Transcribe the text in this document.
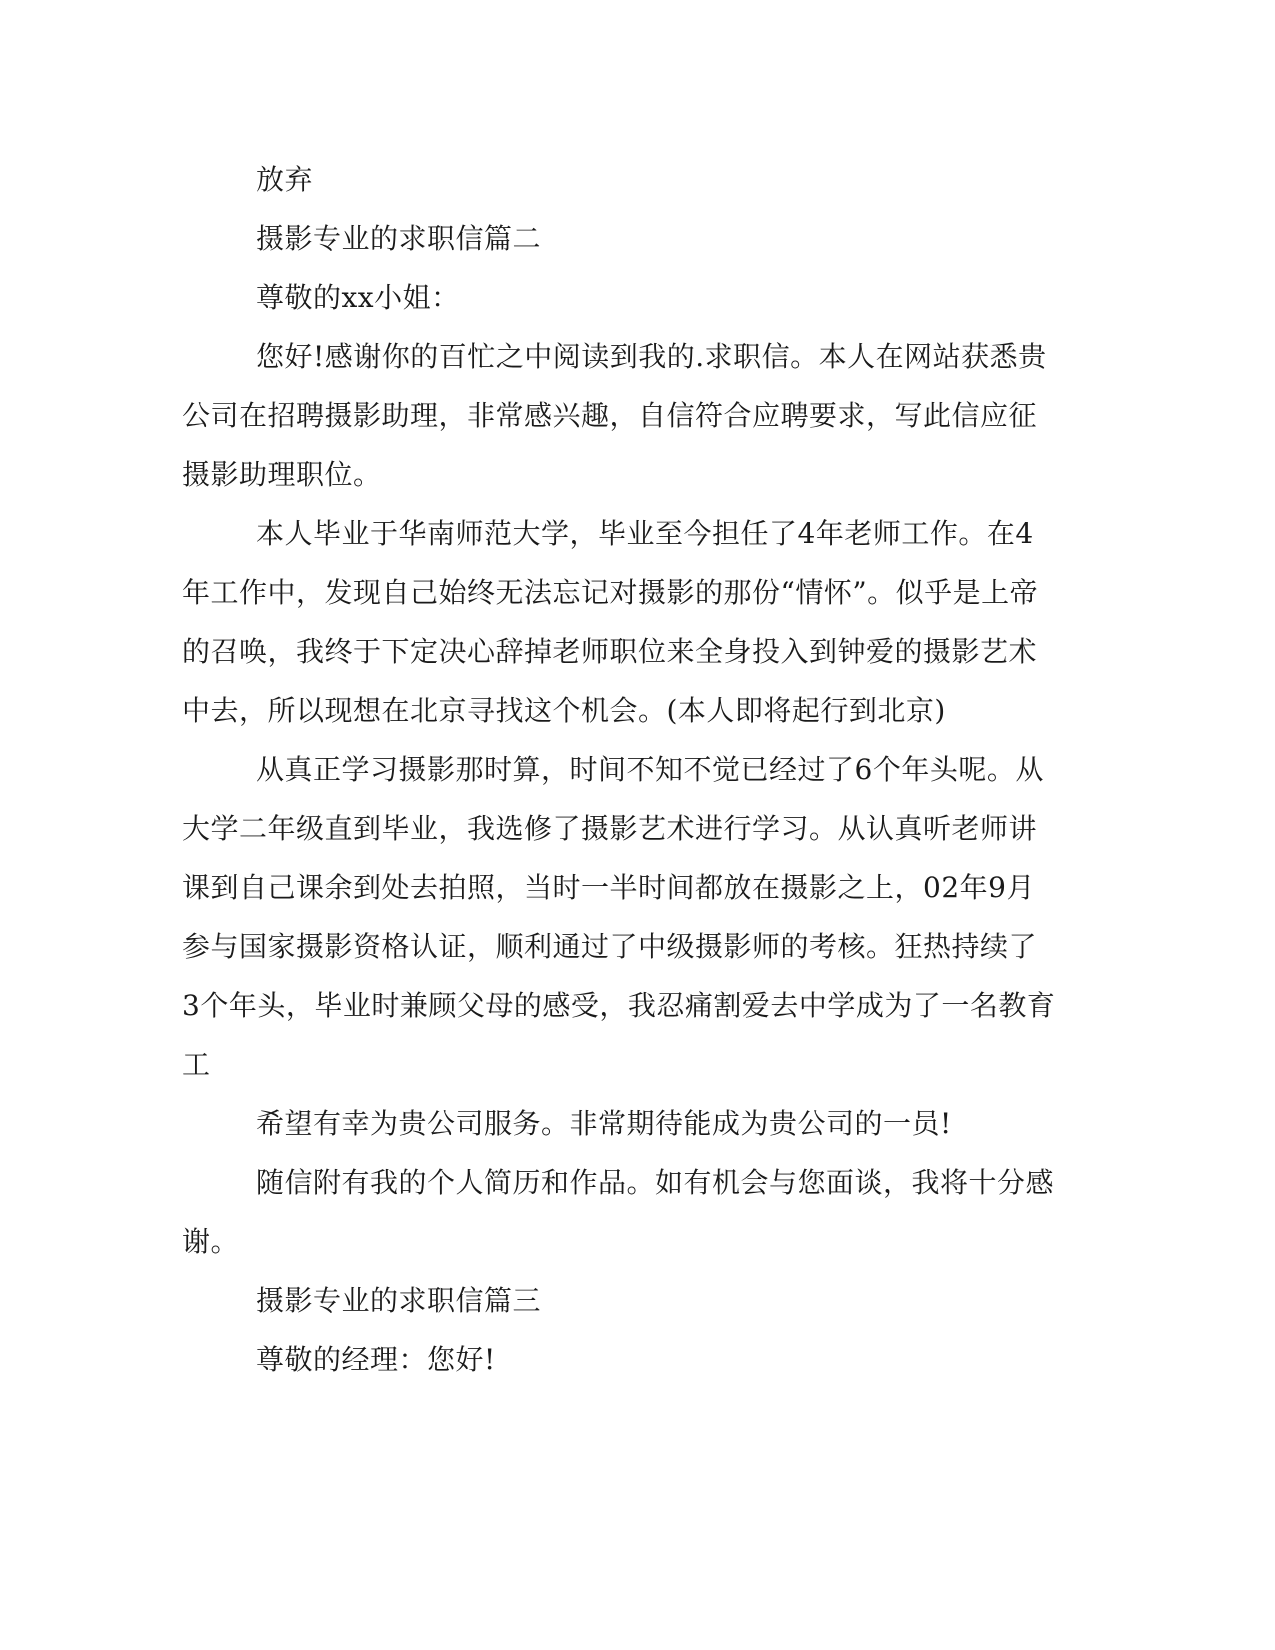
放弃
摄影专业的求职信篇二
尊敬的xx小姐：
您好!感谢你的百忙之中阅读到我的.求职信。本人在网站获悉贵
公司在招聘摄影助理，非常感兴趣，自信符合应聘要求，写此信应征
摄影助理职位。
本人毕业于华南师范大学，毕业至今担任了4年老师工作。在4
年工作中，发现自己始终无法忘记对摄影的那份“情怀”。似乎是上帝
的召唤，我终于下定决心辞掉老师职位来全身投入到钟爱的摄影艺术
中去，所以现想在北京寻找这个机会。(本人即将起行到北京)
从真正学习摄影那时算，时间不知不觉已经过了6个年头呢。从
大学二年级直到毕业，我选修了摄影艺术进行学习。从认真听老师讲
课到自己课余到处去拍照，当时一半时间都放在摄影之上，02年9月
参与国家摄影资格认证，顺利通过了中级摄影师的考核。狂热持续了
3个年头，毕业时兼顾父母的感受，我忍痛割爱去中学成为了一名教育
工
希望有幸为贵公司服务。非常期待能成为贵公司的一员!
随信附有我的个人简历和作品。如有机会与您面谈，我将十分感
谢。
摄影专业的求职信篇三
尊敬的经理：您好!
